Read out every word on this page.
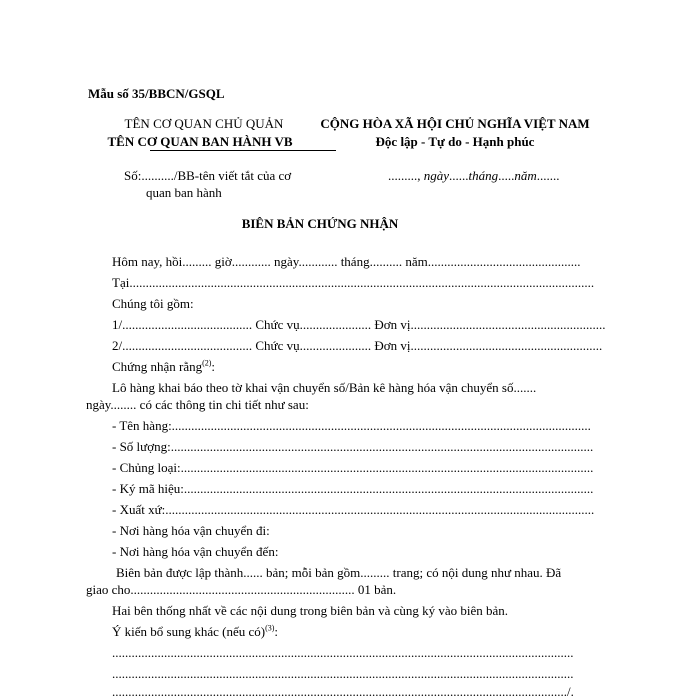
Mẫu số 35/BBCN/GSQL
TÊN CƠ QUAN CHỦ QUẢN
TÊN CƠ QUAN BAN HÀNH VB
CỘNG HÒA XÃ HỘI CHỦ NGHĨA VIỆT NAM
Độc lập - Tự do - Hạnh phúc
Số:........../BB-tên viết tắt của cơ
quan ban hành
........., ngày......tháng.....năm.......
BIÊN BẢN CHỨNG NHẬN
Hôm nay, hồi......... giờ............ ngày............ tháng.......... năm...............................................
Tại...............................................................................................................................................
Chúng tôi gồm:
1/........................................ Chức vụ...................... Đơn vị............................................................
2/........................................ Chức vụ...................... Đơn vị...........................................................
Chứng nhận rằng$^{(2)}$:
Lô hàng khai báo theo tờ khai vận chuyển số/Bản kê hàng hóa vận chuyển số.......
ngày........ có các thông tin chi tiết như sau:
- Tên hàng:.................................................................................................................................
- Số lượng:..................................................................................................................................
- Chủng loại:...............................................................................................................................
- Ký mã hiệu:..............................................................................................................................
- Xuất xứ:....................................................................................................................................
- Nơi hàng hóa vận chuyển đi:
- Nơi hàng hóa vận chuyển đến:
Biên bản được lập thành...... bản; mỗi bản gồm......... trang; có nội dung như nhau. Đã
giao cho..................................................................... 01 bản.
Hai bên thống nhất về các nội dung trong biên bản và cùng ký vào biên bản.
Ý kiến bổ sung khác (nếu có)$^{(3)}$:
..............................................................................................................................................
..............................................................................................................................................
............................................................................................................................................/.
